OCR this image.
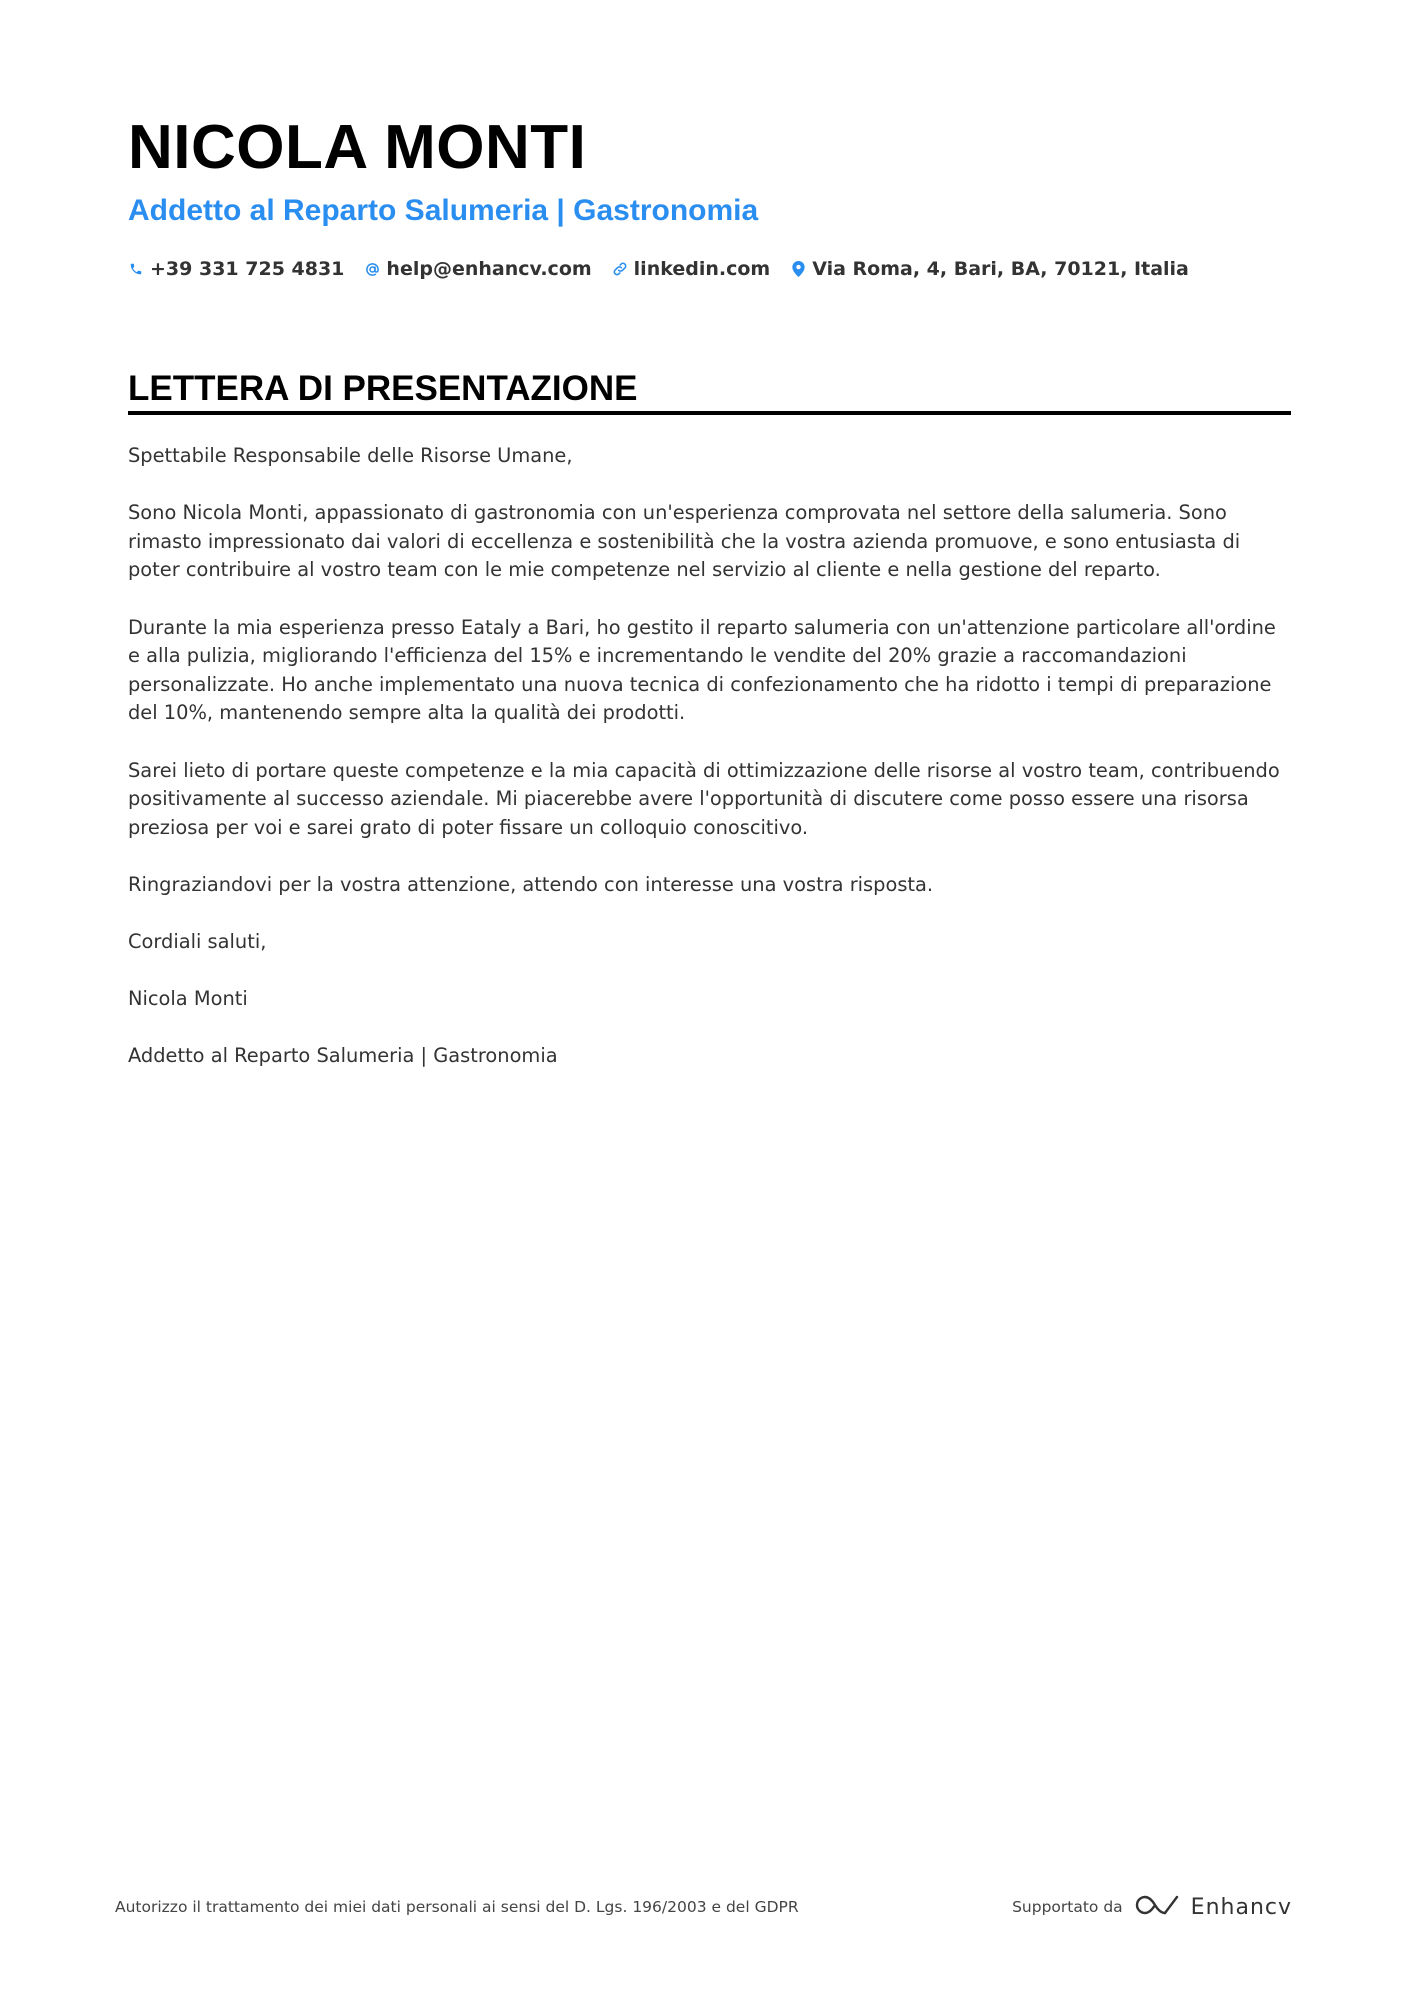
NICOLA MONTI
Addetto al Reparto Salumeria | Gastronomia
+39 331 725 4831 help@enhancv.com linkedin.com Via Roma, 4, Bari, BA, 70121, Italia
LETTERA DI PRESENTAZIONE

Spettabile Responsabile delle Risorse Umane,

Sono Nicola Monti, appassionato di gastronomia con un'esperienza comprovata nel settore della salumeria. Sono rimasto impressionato dai valori di eccellenza e sostenibilità che la vostra azienda promuove, e sono entusiasta di poter contribuire al vostro team con le mie competenze nel servizio al cliente e nella gestione del reparto.

Durante la mia esperienza presso Eataly a Bari, ho gestito il reparto salumeria con un'attenzione particolare all'ordine e alla pulizia, migliorando l'efficienza del 15% e incrementando le vendite del 20% grazie a raccomandazioni personalizzate. Ho anche implementato una nuova tecnica di confezionamento che ha ridotto i tempi di preparazione del 10%, mantenendo sempre alta la qualità dei prodotti.

Sarei lieto di portare queste competenze e la mia capacità di ottimizzazione delle risorse al vostro team, contribuendo positivamente al successo aziendale. Mi piacerebbe avere l'opportunità di discutere come posso essere una risorsa preziosa per voi e sarei grato di poter fissare un colloquio conoscitivo.

Ringraziandovi per la vostra attenzione, attendo con interesse una vostra risposta.

Cordiali saluti,

Nicola Monti

Addetto al Reparto Salumeria | Gastronomia

Autorizzo il trattamento dei miei dati personali ai sensi del D. Lgs. 196/2003 e del GDPR	Supportato da	Enhancv
